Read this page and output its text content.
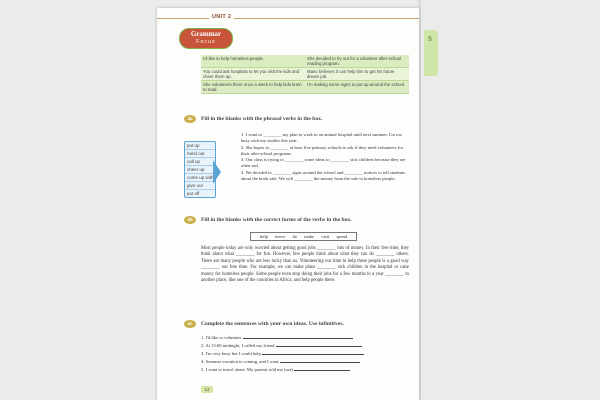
S
UNIT 2
Grammar
Focus
I'd like to help homeless people.	She decided to try out for a volunteer after-school reading program.
You could ask hospitals to let you visit the kids and cheer them up.	Mario believes it can help him to get his future dream job.
She volunteers there once a week to help kids learn to read.	I'm making some signs to put up around the school.
4a	Fill in the blanks with the phrasal verbs in the box.
put up
hand out
call up
cheer up
come up with
give out
put off
1. I want to ________ my plan to work in an animal hospital until next summer. I'm too busy with my studies this year.
2. She hopes to ________ at least five primary schools to ask if they need volunteers for their after-school programs.
3. Our class is trying to ________ some ideas to ________ sick children because they are often sad.
4. We decided to ________ signs around the school and ________ notices to tell students about the book sale. We will ________ the money from the sale to homeless people.
4b	Fill in the blanks with the correct forms of the verbs in the box.
help move do make visit spend

Most people today are only worried about getting good jobs ________ lots of money. In their free time, they think about what ________ for fun. However, few people think about what they can do ________ others. There are many people who are less lucky than us. Volunteering our time to help these people is a good way ________ our free time. For example, we can make plans ________ sick children in the hospital or raise money for homeless people. Some people even stop doing their jobs for a few months to a year ________ to another place, like one of the countries in Africa, and help people there.

4c	Complete the sentences with your own ideas. Use infinitives.
1. I'd like to volunteer
2. At 13:00 midnight, I called my friend
3. I'm very busy but I could help
4. Summer vacation is coming, and I want
5. I want to travel alone. My parents told me (not)
12
